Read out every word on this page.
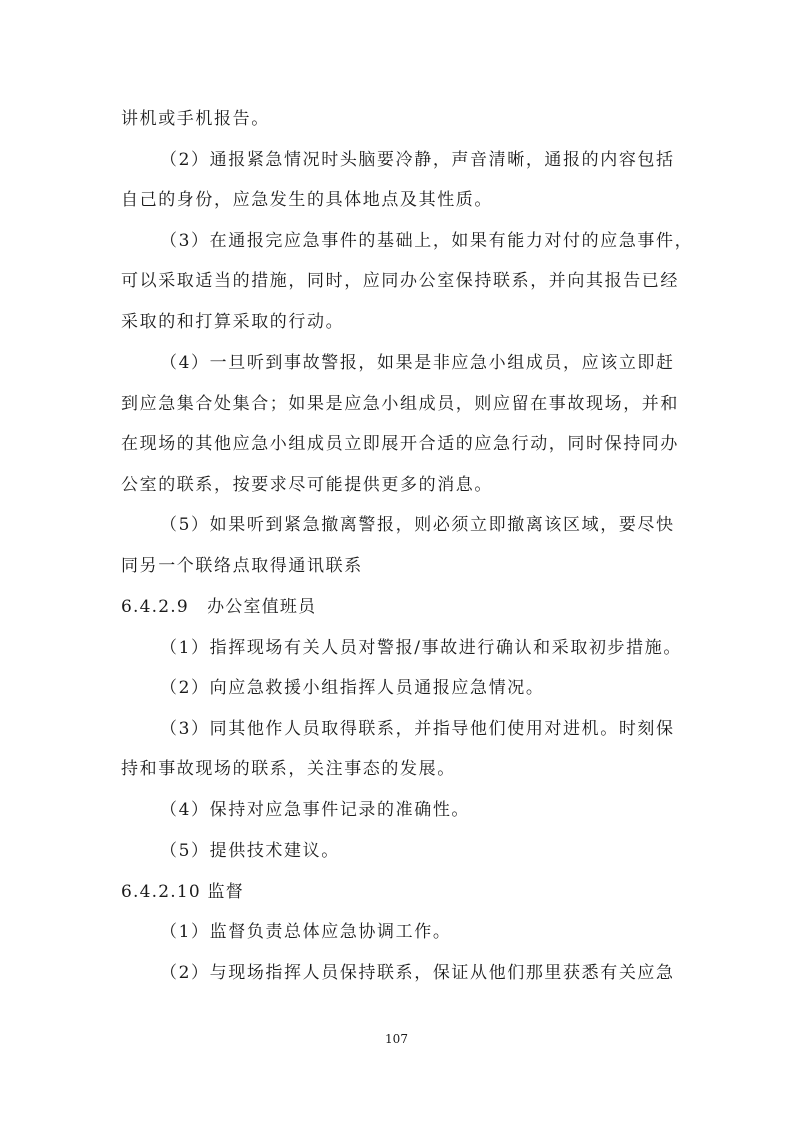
讲机或手机报告。
（2）通报紧急情况时头脑要冷静，声音清晰，通报的内容包括
自己的身份，应急发生的具体地点及其性质。
（3）在通报完应急事件的基础上，如果有能力对付的应急事件，
可以采取适当的措施，同时，应同办公室保持联系，并向其报告已经
采取的和打算采取的行动。
（4）一旦听到事故警报，如果是非应急小组成员，应该立即赶
到应急集合处集合；如果是应急小组成员，则应留在事故现场，并和
在现场的其他应急小组成员立即展开合适的应急行动，同时保持同办
公室的联系，按要求尽可能提供更多的消息。
（5）如果听到紧急撤离警报，则必须立即撤离该区域，要尽快
同另一个联络点取得通讯联系
6.4.2.9　办公室值班员
（1）指挥现场有关人员对警报/事故进行确认和采取初步措施。
（2）向应急救援小组指挥人员通报应急情况。
（3）同其他作人员取得联系，并指导他们使用对进机。时刻保
持和事故现场的联系，关注事态的发展。
（4）保持对应急事件记录的准确性。
（5）提供技术建议。
6.4.2.10 监督
（1）监督负责总体应急协调工作。
（2）与现场指挥人员保持联系，保证从他们那里获悉有关应急
107
